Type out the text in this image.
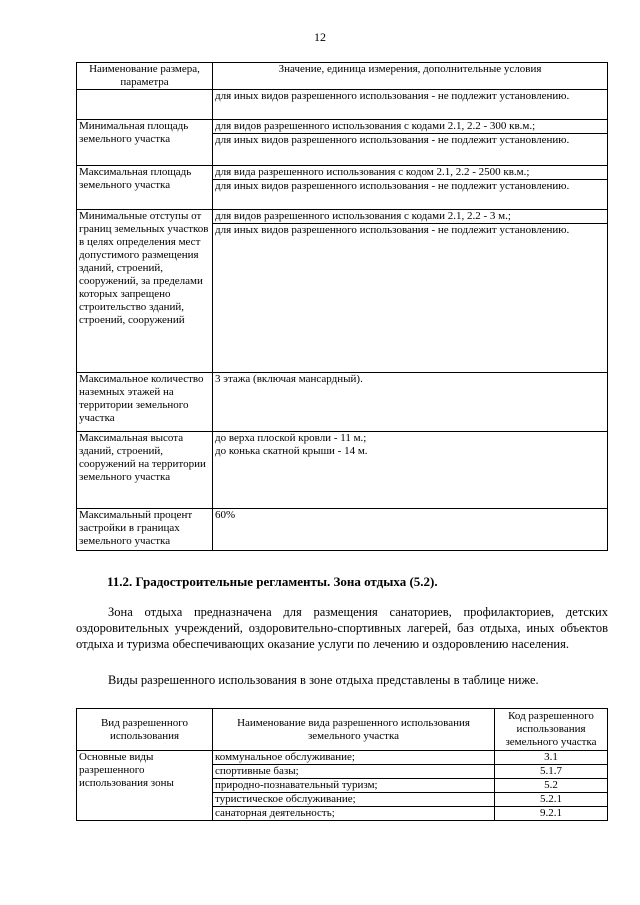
12
Наименование размера, параметра	Значение, единица измерения, дополнительные условия

	для иных видов разрешенного использования - не подлежит установлению.

Минимальная площадь земельного участка	для видов разрешенного использования с кодами 2.1, 2.2 - 300 кв.м.;
для иных видов разрешенного использования - не подлежит установлению.

Максимальная площадь земельного участка	для вида разрешенного использования с кодом 2.1, 2.2 - 2500 кв.м.;
для иных видов разрешенного использования - не подлежит установлению.

Минимальные отступы от границ земельных участков в целях определения мест допустимого размещения зданий, строений, сооружений, за пределами которых запрещено строительство зданий, строений, сооружений	для видов разрешенного использования с кодами 2.1, 2.2 - 3 м.;
для иных видов разрешенного использования - не подлежит установлению.

Максимальное количество наземных этажей на территории земельного участка	3 этажа (включая мансардный).
Максимальная высота зданий, строений, сооружений на территории земельного участка	до верха плоской кровли - 11 м.;
до конька скатной крыши - 14 м.
Максимальный процент застройки в границах земельного участка	60%
11.2. Градостроительные регламенты. Зона отдыха (5.2).

Зона отдыха предназначена для размещения санаториев, профилакториев, детских оздоровительных учреждений, оздоровительно-спортивных лагерей, баз отдыха, иных объектов отдыха и туризма обеспечивающих оказание услуги по лечению и оздоровлению населения.

Виды разрешенного использования в зоне отдыха представлены в таблице ниже.

Вид разрешенного использования	Наименование вида разрешенного использования земельного участка	Код разрешенного использования земельного участка
Основные виды разрешенного использования зоны	коммунальное обслуживание;	3.1
	спортивные базы;	5.1.7
	природно-познавательный туризм;	5.2
	туристическое обслуживание;	5.2.1
	санаторная деятельность;	9.2.1
